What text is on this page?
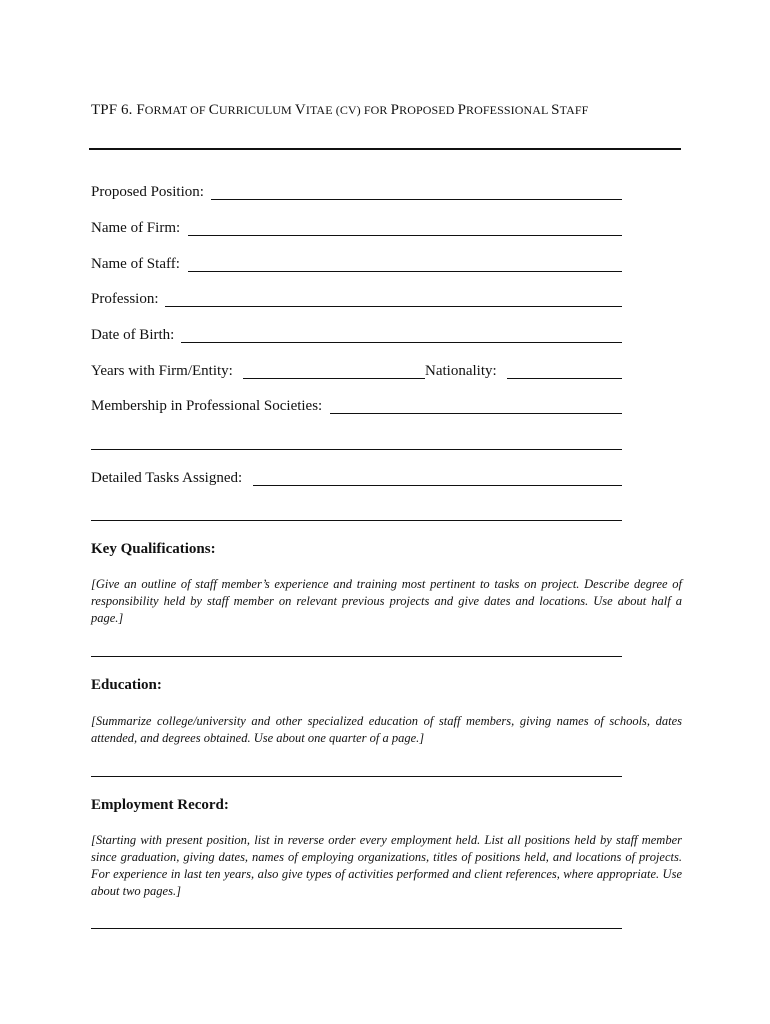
TPF 6. FORMAT OF CURRICULUM VITAE (CV) FOR PROPOSED PROFESSIONAL STAFF
Proposed Position:
Name of Firm:
Name of Staff:
Profession:
Date of Birth:
Years with Firm/Entity:	Nationality:
Membership in Professional Societies:
Detailed Tasks Assigned:
Key Qualifications:
[Give an outline of staff member’s experience and training most pertinent to tasks on project. Describe degree of responsibility held by staff member on relevant previous projects and give dates and locations. Use about half a page.]
Education:
[Summarize college/university and other specialized education of staff members, giving names of schools, dates attended, and degrees obtained. Use about one quarter of a page.]
Employment Record:
[Starting with present position, list in reverse order every employment held. List all positions held by staff member since graduation, giving dates, names of employing organizations, titles of positions held, and locations of projects. For experience in last ten years, also give types of activities performed and client references, where appropriate. Use about two pages.]
